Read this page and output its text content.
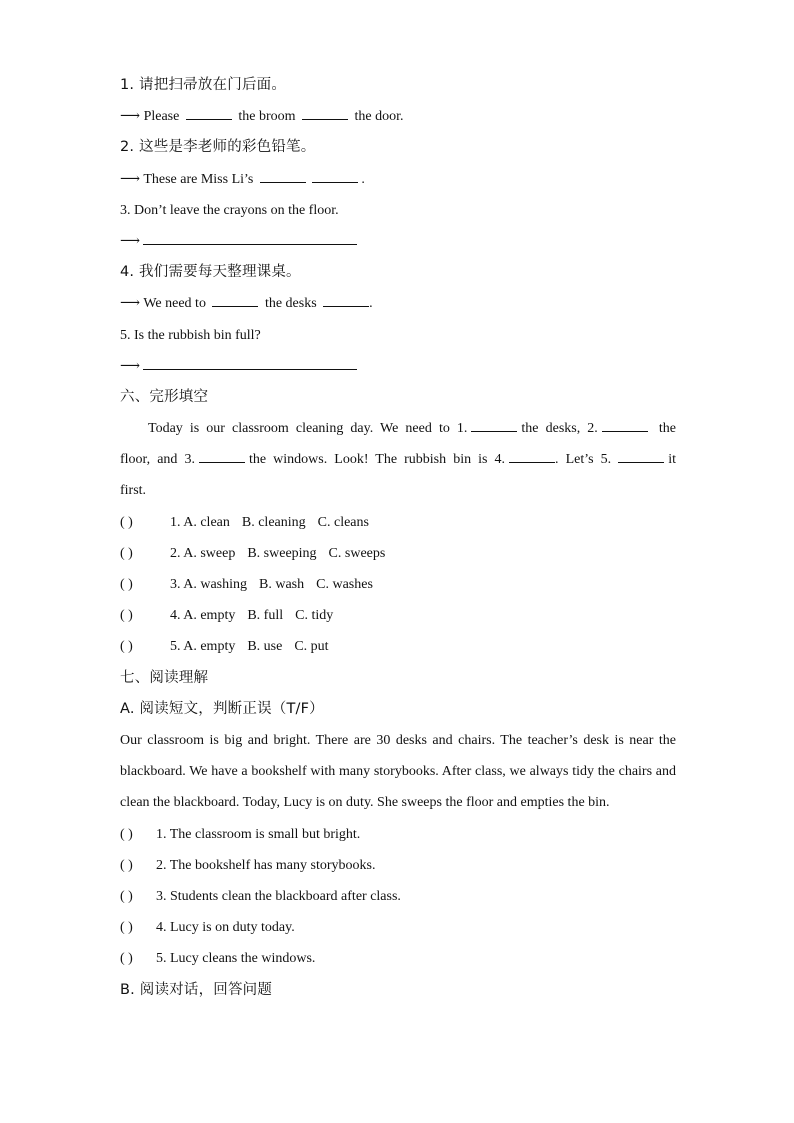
1. 请把扫帚放在门后面。
⟶ Please	the broom	the door.
2. 这些是李老师的彩色铅笔。
⟶ These are Miss Li’s	.
3. Don’t leave the crayons on the floor.
⟶
4. 我们需要每天整理课桌。
⟶ We need to	the desks	.
5. Is the rubbish bin full?
⟶
六、完形填空
Today is our classroom cleaning day. We need to 1.	the desks, 2.	the floor, and 3.	the windows. Look! The rubbish bin is 4.	. Let’s 5.	it first.
( )	1. A. clean B. cleaning C. cleans
( )	2. A. sweep B. sweeping C. sweeps
( )	3. A. washing B. wash C. washes
( )	4. A. empty B. full C. tidy
( )	5. A. empty B. use C. put
七、阅读理解
A. 阅读短文，判断正误（T/F）
Our classroom is big and bright. There are 30 desks and chairs. The teacher’s desk is near the blackboard. We have a bookshelf with many storybooks. After class, we always tidy the chairs and clean the blackboard. Today, Lucy is on duty. She sweeps the floor and empties the bin.
( ) 1. The classroom is small but bright.
( ) 2. The bookshelf has many storybooks.
( ) 3. Students clean the blackboard after class.
( ) 4. Lucy is on duty today.
( ) 5. Lucy cleans the windows.
B. 阅读对话，回答问题
